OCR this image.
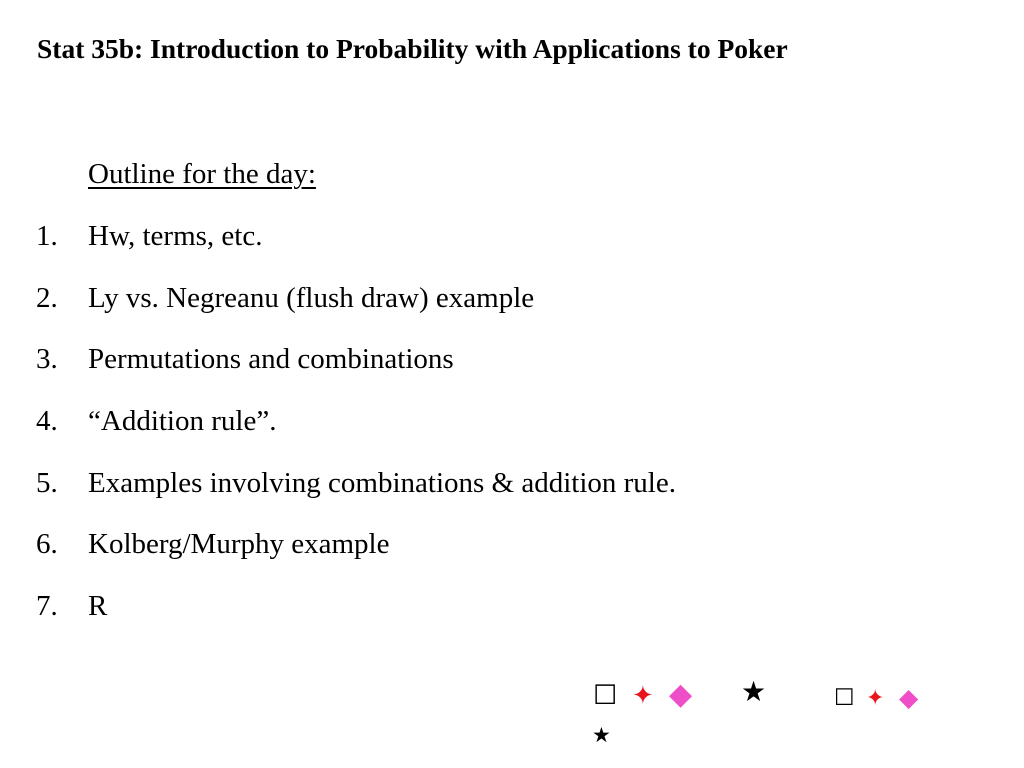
Stat 35b: Introduction to Probability with Applications to Poker
Outline for the day:
1. Hw, terms, etc.
2. Ly vs. Negreanu (flush draw) example
3. Permutations and combinations
4. “Addition rule”.
5. Examples involving combinations & addition rule.
6. Kolberg/Murphy example
7. R
☐ ✦ ◆ ★	☐ ✦ ◆
★
